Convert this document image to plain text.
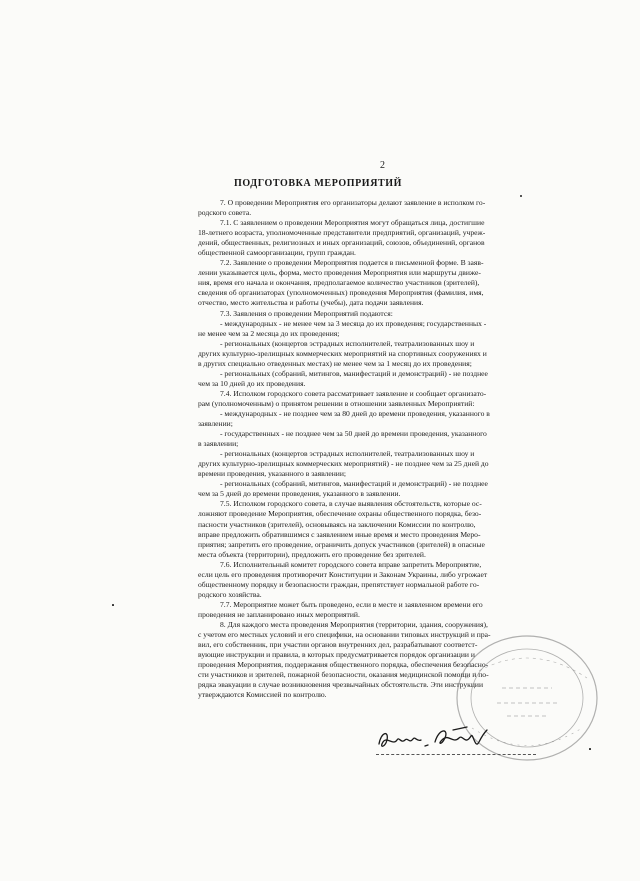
2
ПОДГОТОВКА МЕРОПРИЯТИЙ
7. О проведении Мероприятия его организаторы делают заявление в исполком го-
родского совета.
7.1. С заявлением о проведении Мероприятия могут обращаться лица, достигшие
18-летнего возраста, уполномоченные представители предприятий, организаций, учреж-
дений, общественных, религиозных и иных организаций, союзов, объединений, органов
общественной самоорганизации, групп граждан.
7.2. Заявление о проведении Мероприятия подается в письменной форме. В заяв-
лении указывается цель, форма, место проведения Мероприятия или маршруты движе-
ния, время его начала и окончания, предполагаемое количество участников (зрителей),
сведения об организаторах (уполномоченных) проведения Мероприятия (фамилия, имя,
отчество, место жительства и работы (учебы), дата подачи заявления.
7.3. Заявления о проведении Мероприятий подаются:
- международных - не менее чем за 3 месяца до их проведения; государственных -
не менее чем за 2 месяца до их проведения;
- региональных (концертов эстрадных исполнителей, театрализованных шоу и
других культурно-зрелищных коммерческих мероприятий на спортивных сооружениях и
в других специально отведенных местах) не менее чем за 1 месяц до их проведения;
- региональных (собраний, митингов, манифестаций и демонстраций) - не позднее
чем за 10 дней до их проведения.
7.4. Исполком городского совета рассматривает заявление и сообщает организато-
рам (уполномоченным) о принятом решении в отношении заявленных Мероприятий:
- международных - не позднее чем за 80 дней до времени проведения, указанного в
заявлении;
- государственных - не позднее чем за 50 дней до времени проведения, указанного
в заявлении;
- региональных (концертов эстрадных исполнителей, театрализованных шоу и
других культурно-зрелищных коммерческих мероприятий) - не позднее чем за 25 дней до
времени проведения, указанного в заявлении;
- региональных (собраний, митингов, манифестаций и демонстраций) - не позднее
чем за 5 дней до времени проведения, указанного в заявлении.
7.5. Исполком городского совета, в случае выявления обстоятельств, которые ос-
ложняют проведение Мероприятия, обеспечение охраны общественного порядка, безо-
пасности участников (зрителей), основываясь на заключении Комиссии по контролю,
вправе предложить обратившимся с заявлением иные время и место проведения Меро-
приятия; запретить его проведение, ограничить допуск участников (зрителей) в опасные
места объекта (территории), предложить его проведение без зрителей.
7.6. Исполнительный комитет городского совета вправе запретить Мероприятие,
если цель его проведения противоречит Конституции и Законам Украины, либо угрожает
общественному порядку и безопасности граждан, препятствует нормальной работе го-
родского хозяйства.
7.7. Мероприятие может быть проведено, если в месте и заявленном времени его
проведения не запланировано иных мероприятий.
8. Для каждого места проведения Мероприятия (территории, здания, сооружения),
с учетом его местных условий и его специфики, на основании типовых инструкций и пра-
вил, его собственник, при участии органов внутренних дел, разрабатывают соответст-
вующие инструкции и правила, в которых предусматривается порядок организации и
проведения Мероприятия, поддержания общественного порядка, обеспечения безопасно-
сти участников и зрителей, пожарной безопасности, оказания медицинской помощи и по-
рядка эвакуации в случае возникновения чрезвычайных обстоятельств. Эти инструкции
утверждаются Комиссией по контролю.
